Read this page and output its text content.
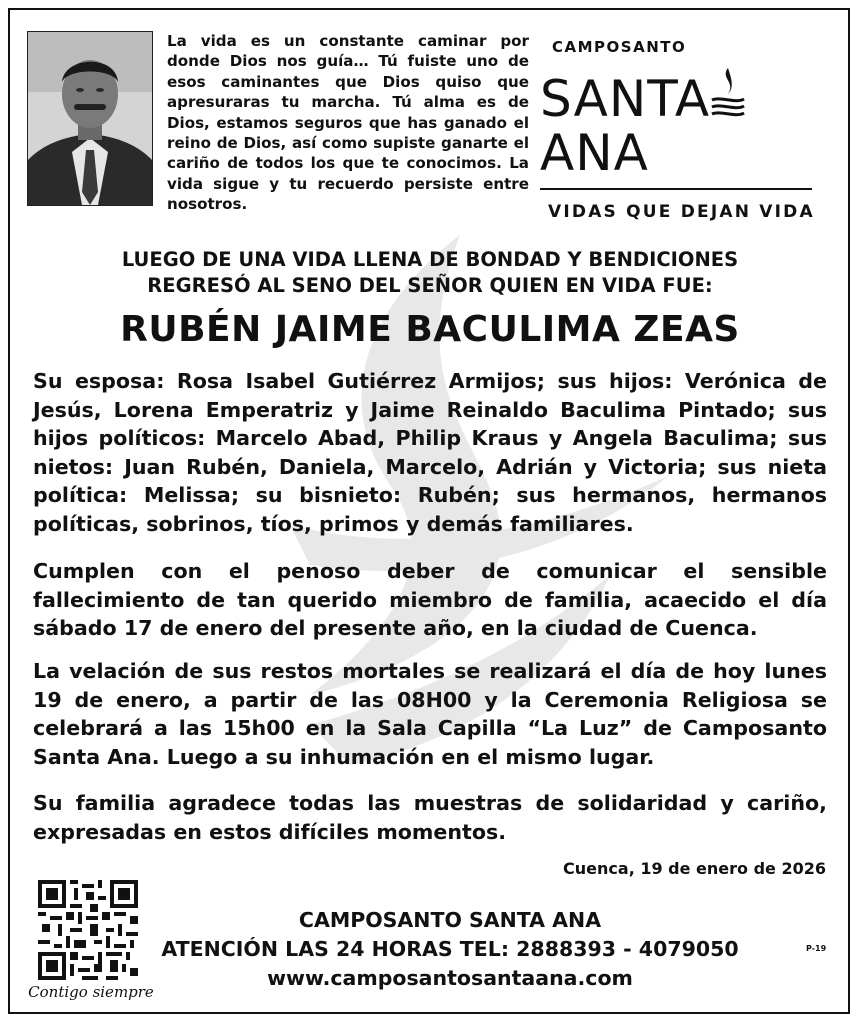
La vida es un constante caminar por donde Dios nos guía… Tú fuiste uno de esos caminantes que Dios quiso que apresuraras tu marcha. Tú alma es de Dios, estamos seguros que has ganado el reino de Dios, así como supiste ganarte el cariño de todos los que te conocimos. La vida sigue y tu recuerdo persiste entre nosotros.

CAMPOSANTO
SANTAANA
VIDAS QUE DEJAN VIDA

LUEGO DE UNA VIDA LLENA DE BONDAD Y BENDICIONES
REGRESÓ AL SENO DEL SEÑOR QUIEN EN VIDA FUE:

RUBÉN JAIME BACULIMA ZEAS

Su esposa: Rosa Isabel Gutiérrez Armijos; sus hijos: Verónica de Jesús, Lorena Emperatriz y Jaime Reinaldo Baculima Pintado; sus hijos políticos: Marcelo Abad, Philip Kraus y Angela Baculima; sus nietos: Juan Rubén, Daniela, Marcelo, Adrián y Victoria; sus nieta política: Melissa; su bisnieto: Rubén; sus hermanos, hermanos políticas, sobrinos, tíos, primos y demás familiares.

Cumplen con el penoso deber de comunicar el sensible fallecimiento de tan querido miembro de familia, acaecido el día sábado 17 de enero del presente año, en la ciudad de Cuenca.

La velación de sus restos mortales se realizará el día de hoy lunes 19 de enero, a partir de las 08H00 y la Ceremonia Religiosa se celebrará a las 15h00 en la Sala Capilla “La Luz” de Camposanto Santa Ana. Luego a su inhumación en el mismo lugar.

Su familia agradece todas las muestras de solidaridad y cariño, expresadas en estos difíciles momentos.

Cuenca, 19 de enero de 2026

Contigo siempre

CAMPOSANTO SANTA ANA
ATENCIÓN LAS 24 HORAS TEL: 2888393 - 4079050
www.camposantosantaana.com

P-19
